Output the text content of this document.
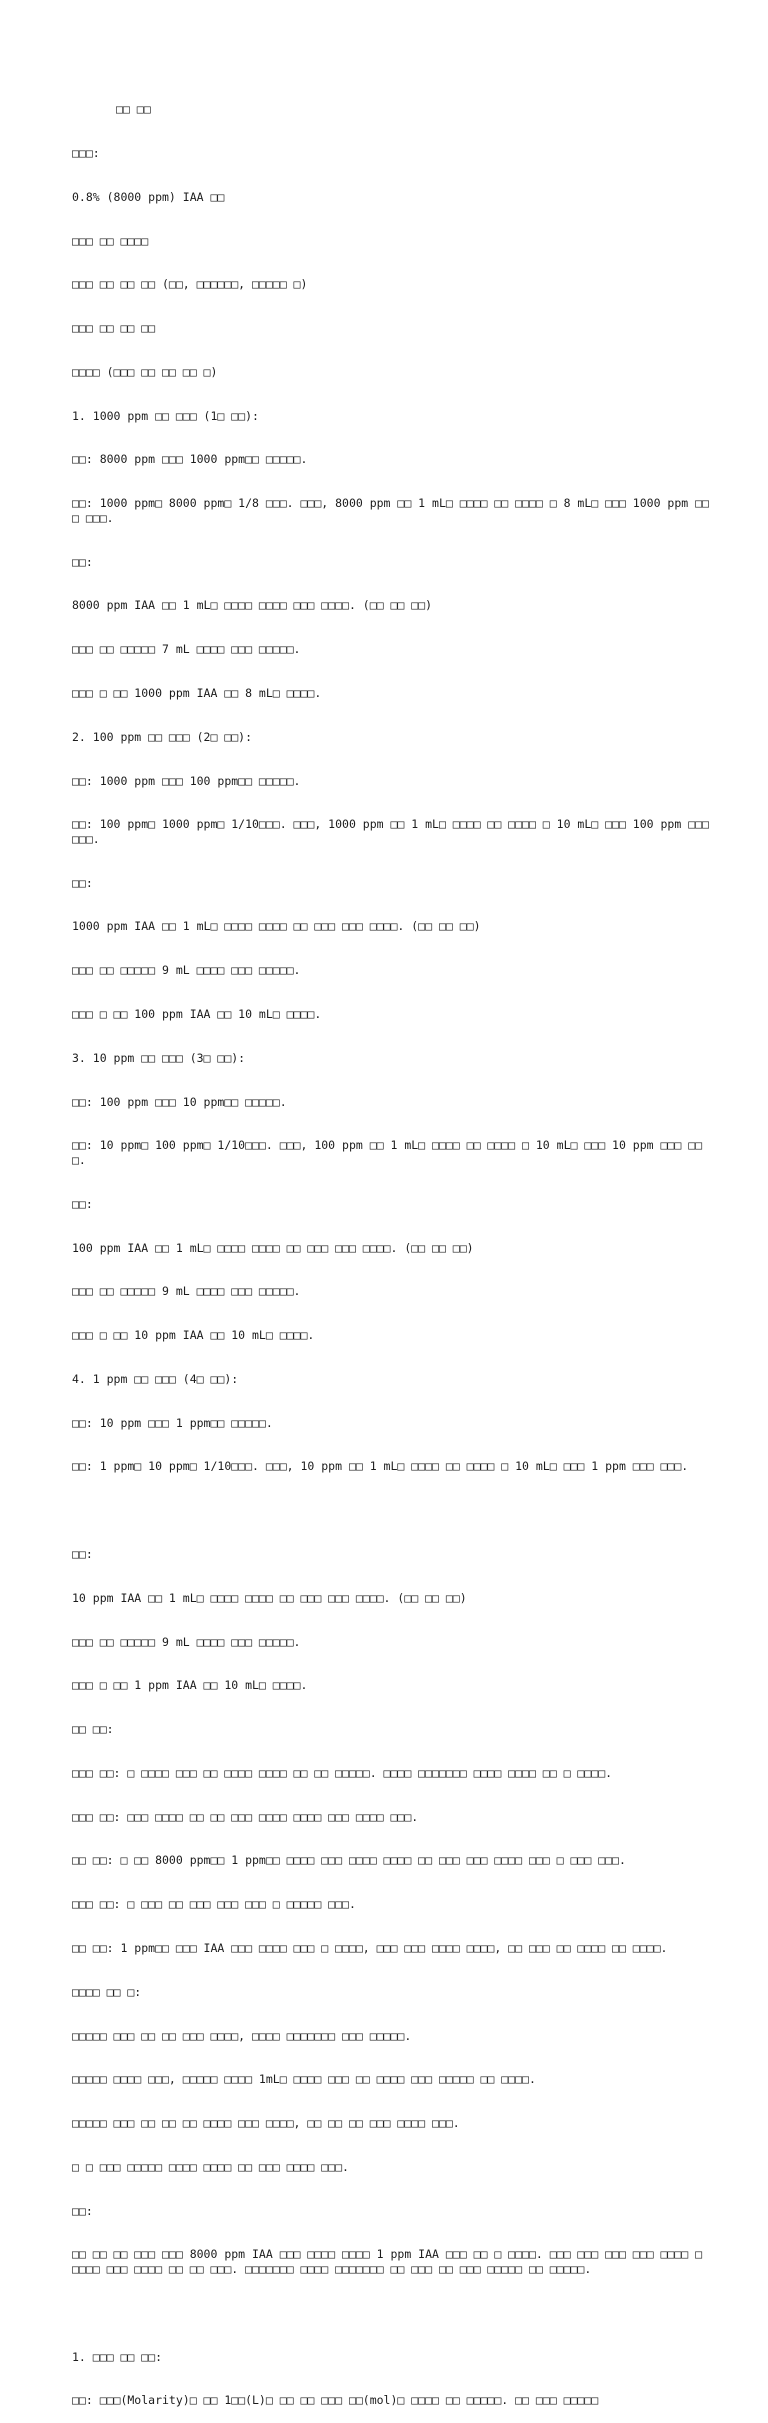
□□ □□

□□□:

0.8% (8000 ppm) IAA □□

□□□ □□ □□□□

□□□ □□ □□ □□ (□□, □□□□□□, □□□□□ □)

□□□ □□ □□ □□

□□□□ (□□□ □□ □□ □□ □)

1. 1000 ppm □□ □□□ (1□ □□):

□□: 8000 ppm □□□ 1000 ppm□□ □□□□□.

□□: 1000 ppm□ 8000 ppm□ 1/8 □□□. □□□, 8000 ppm □□ 1 mL□ □□□□ □□ □□□□ □ 8 mL□ □□□ 1000 ppm □□□ □□□.

□□:

8000 ppm IAA □□ 1 mL□ □□□□ □□□□ □□□ □□□□. (□□ □□ □□)

□□□ □□ □□□□□ 7 mL □□□□ □□□ □□□□□.

□□□ □ □□ 1000 ppm IAA □□ 8 mL□ □□□□.

2. 100 ppm □□ □□□ (2□ □□):

□□: 1000 ppm □□□ 100 ppm□□ □□□□□.

□□: 100 ppm□ 1000 ppm□ 1/10□□□. □□□, 1000 ppm □□ 1 mL□ □□□□ □□ □□□□ □ 10 mL□ □□□ 100 ppm □□□ □□□.

□□:

1000 ppm IAA □□ 1 mL□ □□□□ □□□□ □□ □□□ □□□ □□□□. (□□ □□ □□)

□□□ □□ □□□□□ 9 mL □□□□ □□□ □□□□□.

□□□ □ □□ 100 ppm IAA □□ 10 mL□ □□□□.

3. 10 ppm □□ □□□ (3□ □□):

□□: 100 ppm □□□ 10 ppm□□ □□□□□.

□□: 10 ppm□ 100 ppm□ 1/10□□□. □□□, 100 ppm □□ 1 mL□ □□□□ □□ □□□□ □ 10 mL□ □□□ 10 ppm □□□ □□□.

□□:

100 ppm IAA □□ 1 mL□ □□□□ □□□□ □□ □□□ □□□ □□□□. (□□ □□ □□)

□□□ □□ □□□□□ 9 mL □□□□ □□□ □□□□□.

□□□ □ □□ 10 ppm IAA □□ 10 mL□ □□□□.

4. 1 ppm □□ □□□ (4□ □□):

□□: 10 ppm □□□ 1 ppm□□ □□□□□.

□□: 1 ppm□ 10 ppm□ 1/10□□□. □□□, 10 ppm □□ 1 mL□ □□□□ □□ □□□□ □ 10 mL□ □□□ 1 ppm □□□ □□□.

□□:

10 ppm IAA □□ 1 mL□ □□□□ □□□□ □□ □□□ □□□ □□□□. (□□ □□ □□)

□□□ □□ □□□□□ 9 mL □□□□ □□□ □□□□□.

□□□ □ □□ 1 ppm IAA □□ 10 mL□ □□□□.

□□ □□:

□□□ □□: □ □□□□ □□□ □□ □□□□ □□□□ □□ □□ □□□□□. □□□□ □□□□□□□ □□□□ □□□□ □□ □ □□□□.

□□□ □□: □□□ □□□□ □□ □□ □□□ □□□□ □□□□ □□□ □□□□ □□□.

□□ □□: □ □□ 8000 ppm□□ 1 ppm□□ □□□□ □□□ □□□□ □□□□ □□ □□□ □□□ □□□□ □□□ □ □□□ □□□.

□□□ □□: □ □□□ □□ □□□ □□□ □□□ □ □□□□□ □□□.

□□ □□: 1 ppm□□ □□□ IAA □□□ □□□□ □□□ □ □□□□, □□□ □□□ □□□□ □□□□, □□ □□□ □□ □□□□ □□ □□□□.

□□□□ □□ □:

□□□□□ □□□ □□ □□ □□□ □□□□, □□□□ □□□□□□□ □□□ □□□□□.

□□□□□ □□□□ □□□, □□□□□ □□□□ 1mL□ □□□□ □□□ □□ □□□□ □□□ □□□□□ □□ □□□□.

□□□□□ □□□ □□ □□ □□ □□□□ □□□ □□□□, □□ □□ □□ □□□ □□□□ □□□.

□ □ □□□ □□□□□ □□□□ □□□□ □□ □□□ □□□□ □□□.

□□:

□□ □□ □□ □□□ □□□ 8000 ppm IAA □□□ □□□□ □□□□ 1 ppm IAA □□□ □□ □ □□□□. □□□ □□□ □□□ □□□ □□□□ □ □□□□ □□□ □□□□ □□ □□ □□□. □□□□□□□ □□□□ □□□□□□□ □□ □□□ □□ □□□ □□□□□ □□ □□□□□.

1. □□□ □□ □□:

□□: □□□(Molarity)□ □□ 1□□(L)□ □□ □□ □□□ □□(mol)□ □□□□ □□ □□□□□. □□ □□□ □□□□□
